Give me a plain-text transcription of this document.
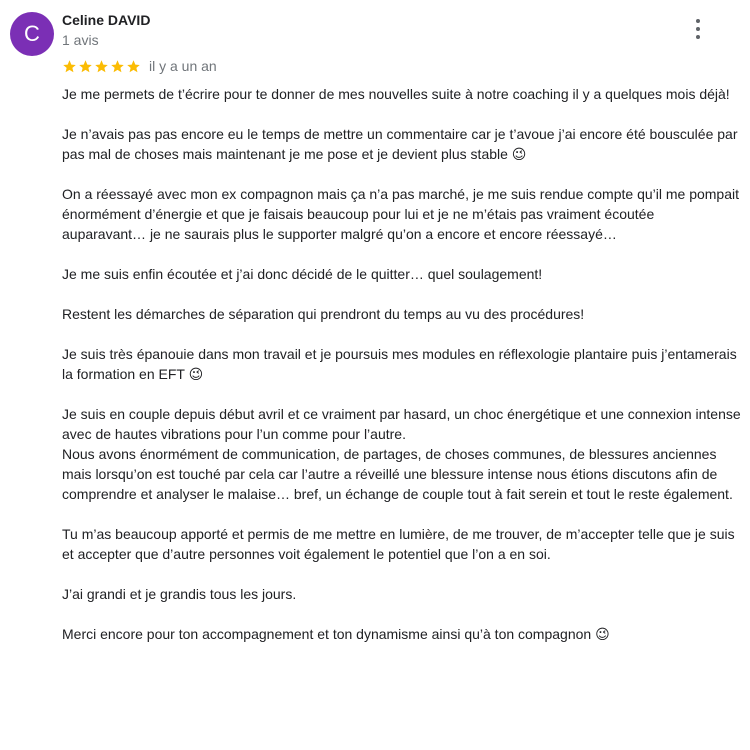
C
Celine DAVID
1 avis
il y a un an

Je me permets de t’écrire pour te donner de mes nouvelles suite à notre coaching il y a quelques mois déjà!

Je n’avais pas pas encore eu le temps de mettre un commentaire car je t’avoue j’ai encore été bousculée par pas mal de choses mais maintenant je me pose et je devient plus stable 😉

On a réessayé avec mon ex compagnon mais ça n’a pas marché, je me suis rendue compte qu’il me pompait énormément d’énergie et que je faisais beaucoup pour lui et je ne m’étais pas vraiment écoutée auparavant… je ne saurais plus le supporter malgré qu’on a encore et encore réessayé…

Je me suis enfin écoutée et j’ai donc décidé de le quitter… quel soulagement!

Restent les démarches de séparation qui prendront du temps au vu des procédures!

Je suis très épanouie dans mon travail et je poursuis mes modules en réflexologie plantaire puis j’entamerais la formation en EFT 😉

Je suis en couple depuis début avril et ce vraiment par hasard, un choc énergétique et une connexion intense avec de hautes vibrations pour l’un comme pour l’autre.
Nous avons énormément de communication, de partages, de choses communes, de blessures anciennes mais lorsqu’on est touché par cela car l’autre a réveillé une blessure intense nous étions discutons afin de comprendre et analyser le malaise… bref, un échange de couple tout à fait serein et tout le reste également.

Tu m’as beaucoup apporté et permis de me mettre en lumière, de me trouver, de m’accepter telle que je suis et accepter que d’autre personnes voit également le potentiel que l’on a en soi.

J’ai grandi et je grandis tous les jours.

Merci encore pour ton accompagnement et ton dynamisme ainsi qu’à ton compagnon 😉
